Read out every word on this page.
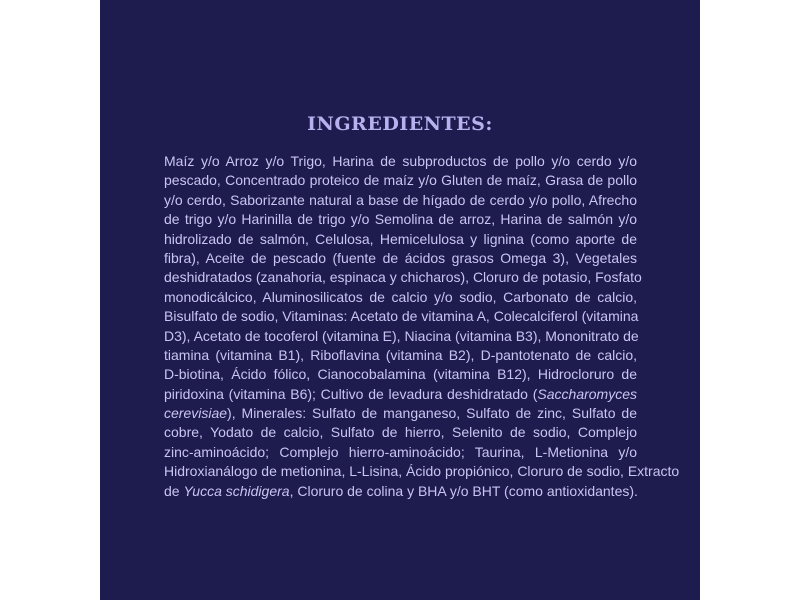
INGREDIENTES:
Maíz y/o Arroz y/o Trigo, Harina de subproductos de pollo y/o cerdo y/o
pescado, Concentrado proteico de maíz y/o Gluten de maíz, Grasa de pollo
y/o cerdo, Saborizante natural a base de hígado de cerdo y/o pollo, Afrecho
de trigo y/o Harinilla de trigo y/o Semolina de arroz, Harina de salmón y/o
hidrolizado de salmón, Celulosa, Hemicelulosa y lignina (como aporte de
fibra), Aceite de pescado (fuente de ácidos grasos Omega 3), Vegetales
deshidratados (zanahoria, espinaca y chicharos), Cloruro de potasio, Fosfato
monodicálcico, Aluminosilicatos de calcio y/o sodio, Carbonato de calcio,
Bisulfato de sodio, Vitaminas: Acetato de vitamina A, Colecalciferol (vitamina
D3), Acetato de tocoferol (vitamina E), Niacina (vitamina B3), Mononitrato de
tiamina (vitamina B1), Riboflavina (vitamina B2), D-pantotenato de calcio,
D-biotina, Ácido fólico, Cianocobalamina (vitamina B12), Hidrocloruro de
piridoxina (vitamina B6); Cultivo de levadura deshidratado (Saccharomyces
cerevisiae), Minerales: Sulfato de manganeso, Sulfato de zinc, Sulfato de
cobre, Yodato de calcio, Sulfato de hierro, Selenito de sodio, Complejo
zinc-aminoácido; Complejo hierro-aminoácido; Taurina, L-Metionina y/o
Hidroxianálogo de metionina, L-Lisina, Ácido propiónico, Cloruro de sodio, Extracto
de Yucca schidigera, Cloruro de colina y BHA y/o BHT (como antioxidantes).
